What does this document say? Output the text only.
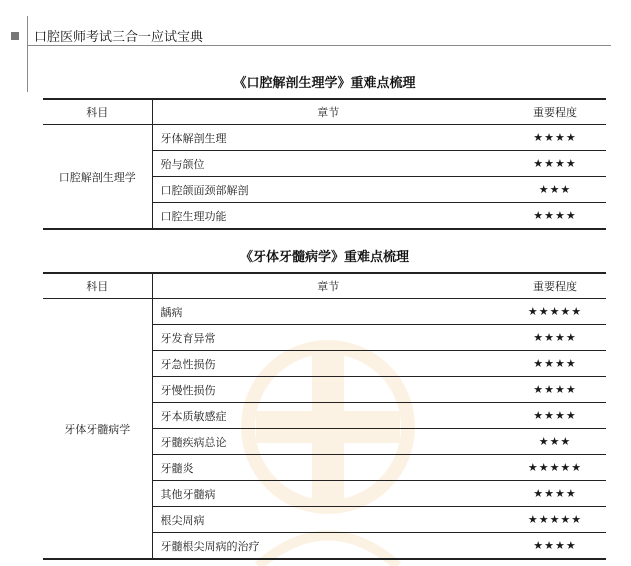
口腔医师考试三合一应试宝典
《口腔解剖生理学》重难点梳理
科目	章节	重要程度
口腔解剖生理学	牙体解剖生理	★★★★
	殆与颌位	★★★★
	口腔颌面颈部解剖	★★★
	口腔生理功能	★★★★
《牙体牙髓病学》重难点梳理
科目	章节	重要程度
牙体牙髓病学	龋病	★★★★★
	牙发育异常	★★★★
	牙急性损伤	★★★★
	牙慢性损伤	★★★★
	牙本质敏感症	★★★★
	牙髓疾病总论	★★★
	牙髓炎	★★★★★
	其他牙髓病	★★★★
	根尖周病	★★★★★
	牙髓根尖周病的治疗	★★★★
